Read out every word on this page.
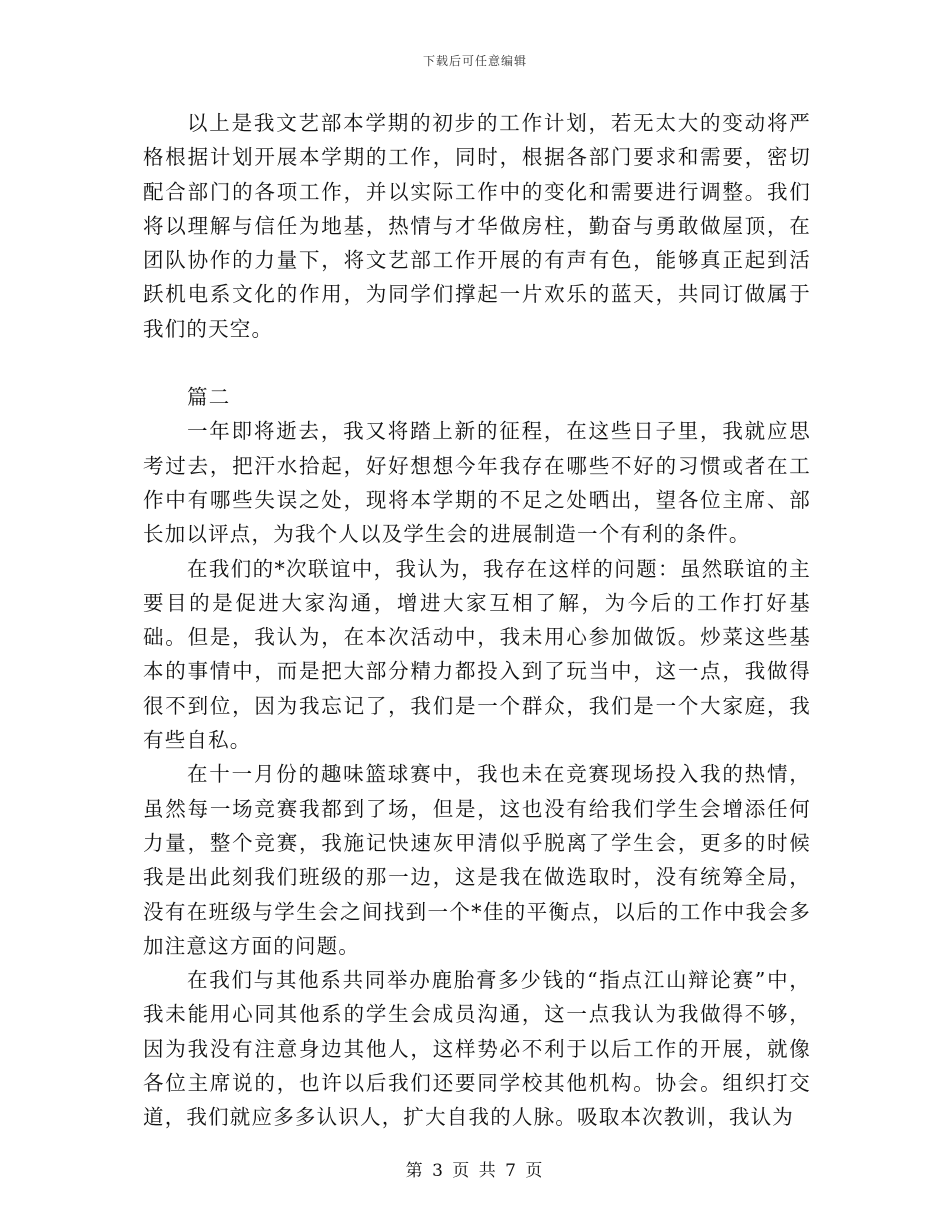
下载后可任意编辑

以上是我文艺部本学期的初步的工作计划，若无太大的变动将严格根据计划开展本学期的工作，同时，根据各部门要求和需要，密切配合部门的各项工作，并以实际工作中的变化和需要进行调整。我们将以理解与信任为地基，热情与才华做房柱，勤奋与勇敢做屋顶，在团队协作的力量下，将文艺部工作开展的有声有色，能够真正起到活跃机电系文化的作用，为同学们撑起一片欢乐的蓝天，共同订做属于我们的天空。

篇二

一年即将逝去，我又将踏上新的征程，在这些日子里，我就应思考过去，把汗水拾起，好好想想今年我存在哪些不好的习惯或者在工作中有哪些失误之处，现将本学期的不足之处晒出，望各位主席、部长加以评点，为我个人以及学生会的进展制造一个有利的条件。

在我们的*次联谊中，我认为，我存在这样的问题：虽然联谊的主要目的是促进大家沟通，增进大家互相了解，为今后的工作打好基础。但是，我认为，在本次活动中，我未用心参加做饭。炒菜这些基本的事情中，而是把大部分精力都投入到了玩当中，这一点，我做得很不到位，因为我忘记了，我们是一个群众，我们是一个大家庭，我有些自私。

在十一月份的趣味篮球赛中，我也未在竞赛现场投入我的热情，虽然每一场竞赛我都到了场，但是，这也没有给我们学生会增添任何力量，整个竞赛，我施记快速灰甲清似乎脱离了学生会，更多的时候我是出此刻我们班级的那一边，这是我在做选取时，没有统筹全局，没有在班级与学生会之间找到一个*佳的平衡点，以后的工作中我会多加注意这方面的问题。

在我们与其他系共同举办鹿胎膏多少钱的“指点江山辩论赛”中，我未能用心同其他系的学生会成员沟通，这一点我认为我做得不够，因为我没有注意身边其他人，这样势必不利于以后工作的开展，就像各位主席说的，也许以后我们还要同学校其他机构。协会。组织打交道，我们就应多多认识人，扩大自我的人脉。吸取本次教训，我认为

第 3 页 共 7 页
